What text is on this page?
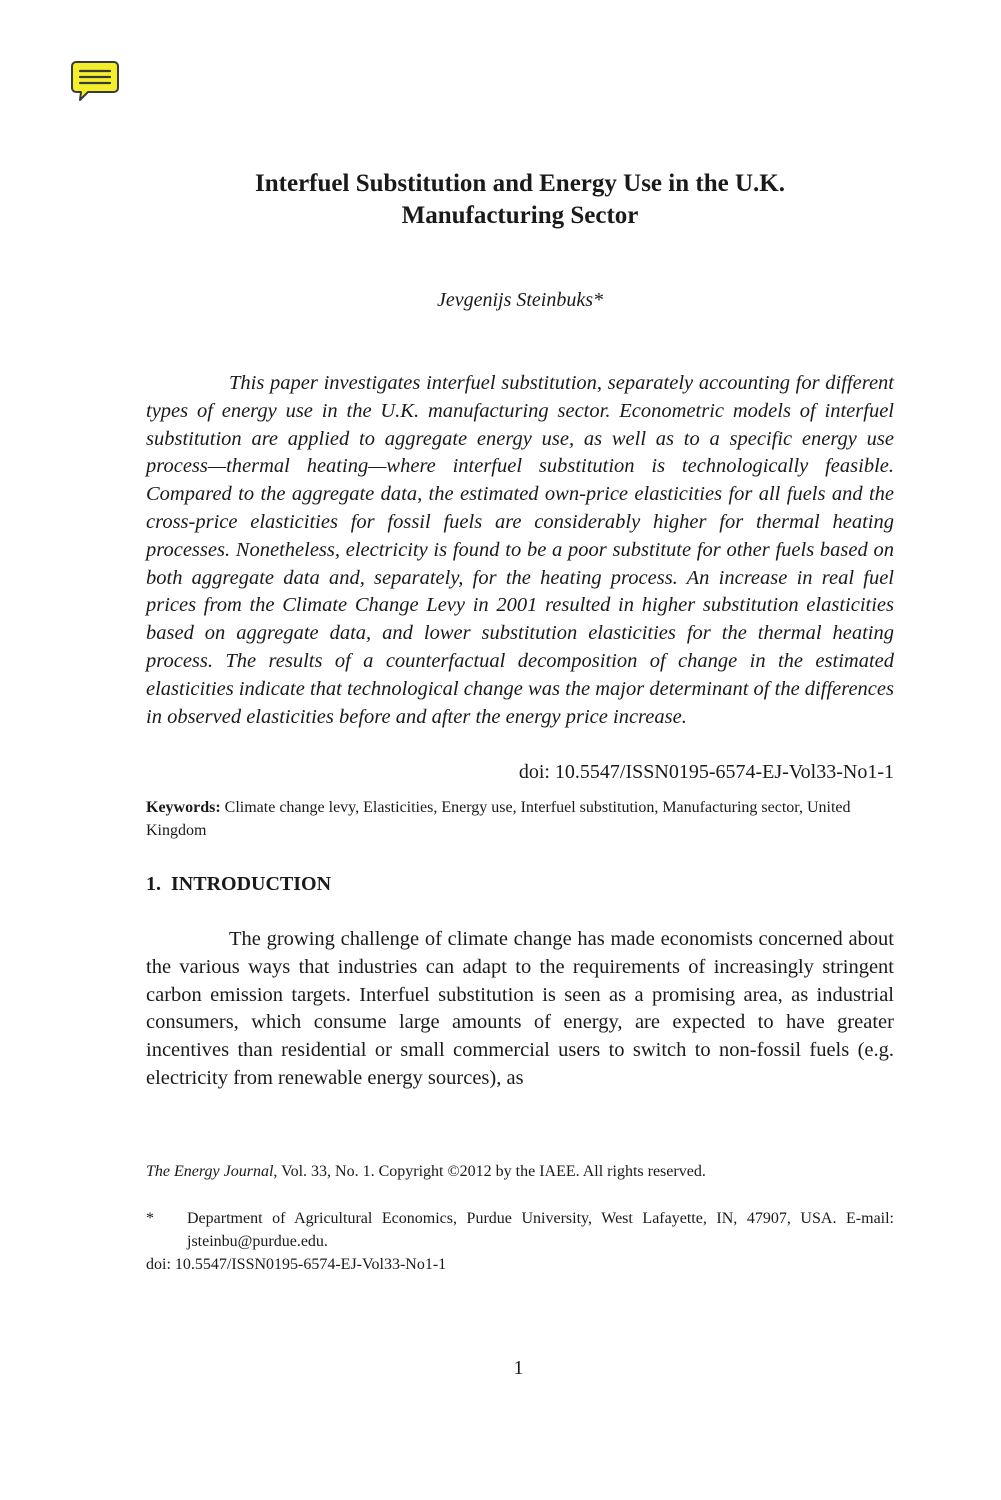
Interfuel Substitution and Energy Use in the U.K.
Manufacturing Sector
Jevgenijs Steinbuks*

This paper investigates interfuel substitution, separately accounting for different types of energy use in the U.K. manufacturing sector. Econometric models of interfuel substitution are applied to aggregate energy use, as well as to a specific energy use process—thermal heating—where interfuel substitution is technologically feasible. Compared to the aggregate data, the estimated own-price elasticities for all fuels and the cross-price elasticities for fossil fuels are considerably higher for thermal heating processes. Nonetheless, electricity is found to be a poor substitute for other fuels based on both aggregate data and, separately, for the heating process. An increase in real fuel prices from the Climate Change Levy in 2001 resulted in higher substitution elasticities based on aggregate data, and lower substitution elasticities for the thermal heating process. The results of a counterfactual decomposition of change in the estimated elasticities indicate that technological change was the major determinant of the differences in observed elasticities before and after the energy price increase.

doi: 10.5547/ISSN0195-6574-EJ-Vol33-No1-1

Keywords: Climate change levy, Elasticities, Energy use, Interfuel substitution, Manufacturing sector, United Kingdom

1. INTRODUCTION

The growing challenge of climate change has made economists concerned about the various ways that industries can adapt to the requirements of increasingly stringent carbon emission targets. Interfuel substitution is seen as a promising area, as industrial consumers, which consume large amounts of energy, are expected to have greater incentives than residential or small commercial users to switch to non-fossil fuels (e.g. electricity from renewable energy sources), as

The Energy Journal, Vol. 33, No. 1. Copyright ©2012 by the IAEE. All rights reserved.
* Department of Agricultural Economics, Purdue University, West Lafayette, IN, 47907, USA. E-mail: jsteinbu@purdue.edu.
doi: 10.5547/ISSN0195-6574-EJ-Vol33-No1-1
1
